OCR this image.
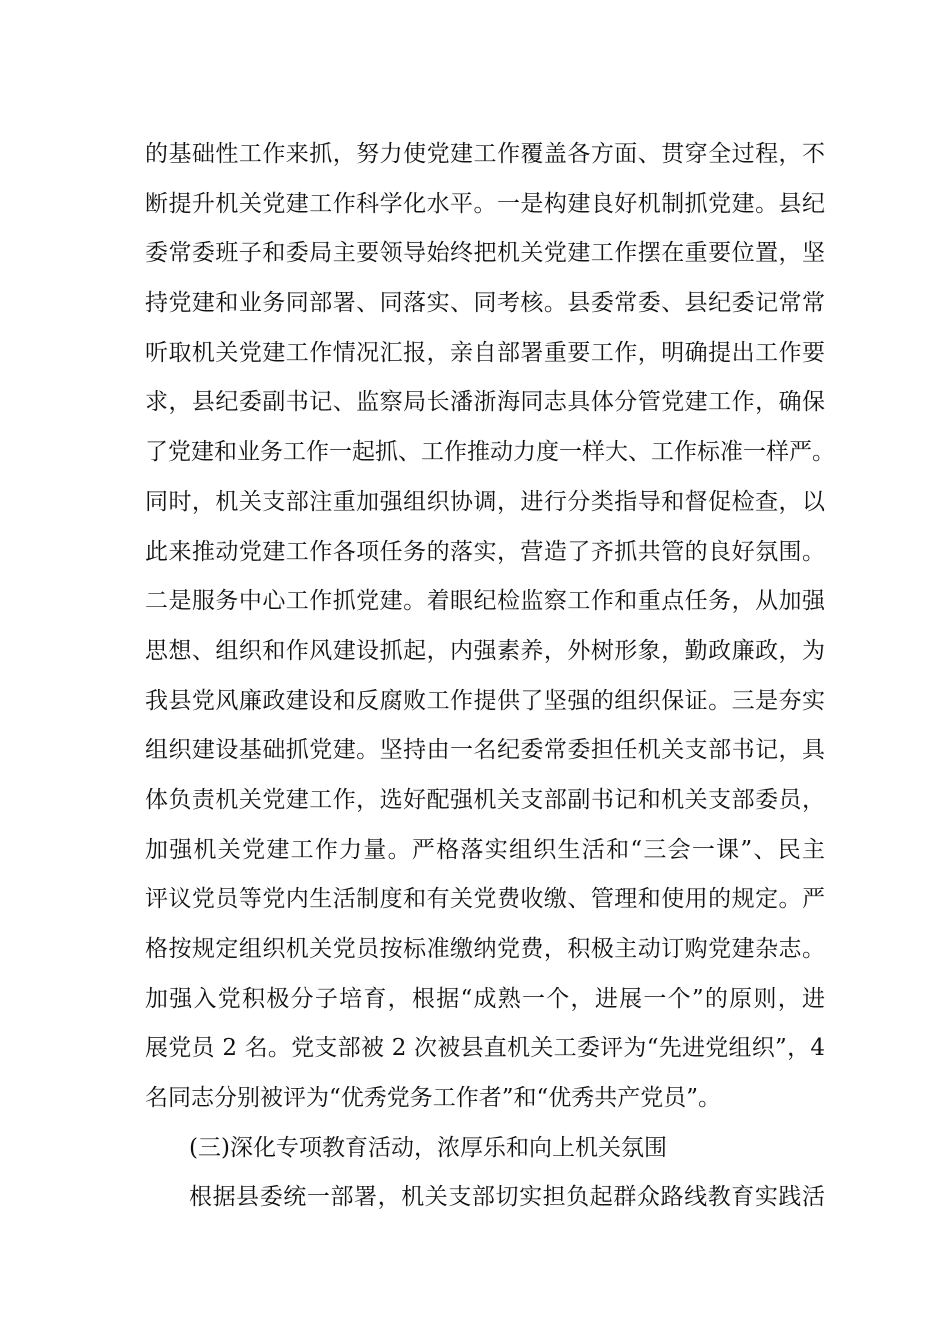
的基础性工作来抓，努力使党建工作覆盖各方面、贯穿全过程，不
断提升机关党建工作科学化水平。一是构建良好机制抓党建。县纪
委常委班子和委局主要领导始终把机关党建工作摆在重要位置，坚
持党建和业务同部署、同落实、同考核。县委常委、县纪委记常常
听取机关党建工作情况汇报，亲自部署重要工作，明确提出工作要
求，县纪委副书记、监察局长潘浙海同志具体分管党建工作，确保
了党建和业务工作一起抓、工作推动力度一样大、工作标准一样严。
同时，机关支部注重加强组织协调，进行分类指导和督促检查，以
此来推动党建工作各项任务的落实，营造了齐抓共管的良好氛围。
二是服务中心工作抓党建。着眼纪检监察工作和重点任务，从加强
思想、组织和作风建设抓起，内强素养，外树形象，勤政廉政，为
我县党风廉政建设和反腐败工作提供了坚强的组织保证。三是夯实
组织建设基础抓党建。坚持由一名纪委常委担任机关支部书记，具
体负责机关党建工作，选好配强机关支部副书记和机关支部委员，
加强机关党建工作力量。严格落实组织生活和“三会一课”、民主
评议党员等党内生活制度和有关党费收缴、管理和使用的规定。严
格按规定组织机关党员按标准缴纳党费，积极主动订购党建杂志。
加强入党积极分子培育，根据“成熟一个，进展一个”的原则，进
展党员 2 名。党支部被 2 次被县直机关工委评为“先进党组织”，4
名同志分别被评为“优秀党务工作者”和“优秀共产党员”。
(三)深化专项教育活动，浓厚乐和向上机关氛围
根据县委统一部署，机关支部切实担负起群众路线教育实践活
